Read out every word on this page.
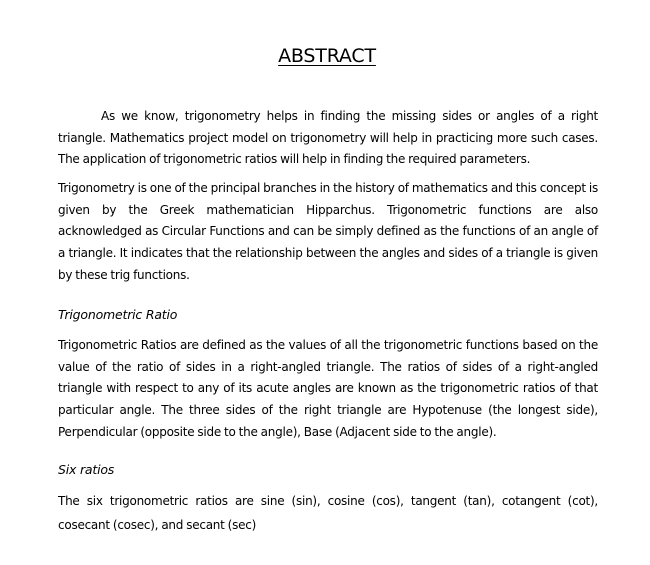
ABSTRACT

As we know, trigonometry helps in finding the missing sides or angles of a right triangle. Mathematics project model on trigonometry will help in practicing more such cases. The application of trigonometric ratios will help in finding the required parameters.

Trigonometry is one of the principal branches in the history of mathematics and this concept is given by the Greek mathematician Hipparchus. Trigonometric functions are also acknowledged as Circular Functions and can be simply defined as the functions of an angle of a triangle. It indicates that the relationship between the angles and sides of a triangle is given by these trig functions.

Trigonometric Ratio

Trigonometric Ratios are defined as the values of all the trigonometric functions based on the value of the ratio of sides in a right-angled triangle. The ratios of sides of a right-angled triangle with respect to any of its acute angles are known as the trigonometric ratios of that particular angle. The three sides of the right triangle are Hypotenuse (the longest side), Perpendicular (opposite side to the angle), Base (Adjacent side to the angle).

Six ratios

The six trigonometric ratios are sine (sin), cosine (cos), tangent (tan), cotangent (cot), cosecant (cosec), and secant (sec)
